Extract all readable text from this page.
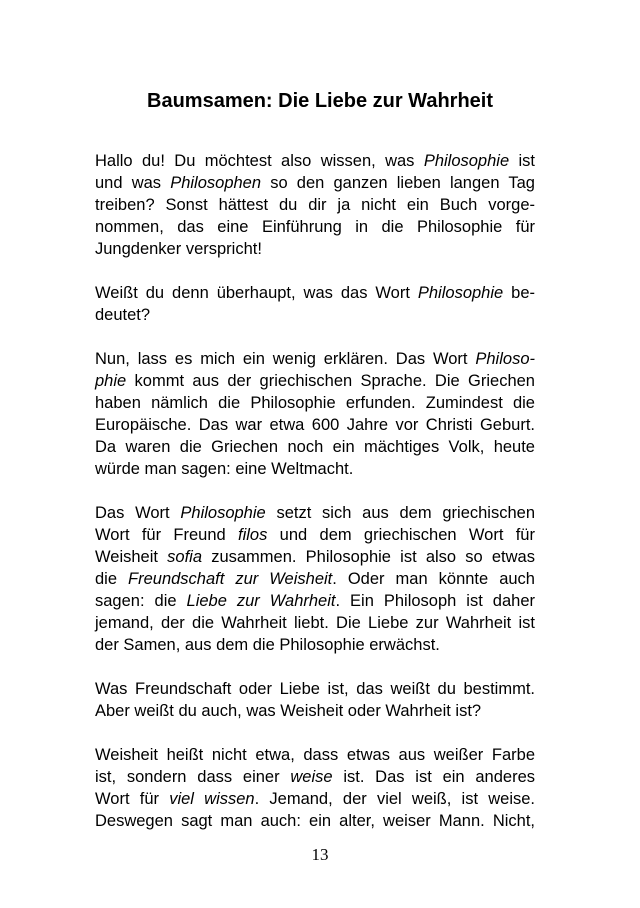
Baumsamen: Die Liebe zur Wahrheit

Hallo du! Du möchtest also wissen, was Philosophie ist
und was Philosophen so den ganzen lieben langen Tag
treiben? Sonst hättest du dir ja nicht ein Buch vorge-
nommen, das eine Einführung in die Philosophie für
Jungdenker verspricht!

Weißt du denn überhaupt, was das Wort Philosophie be-
deutet?

Nun, lass es mich ein wenig erklären. Das Wort Philoso-
phie kommt aus der griechischen Sprache. Die Griechen
haben nämlich die Philosophie erfunden. Zumindest die
Europäische. Das war etwa 600 Jahre vor Christi Geburt.
Da waren die Griechen noch ein mächtiges Volk, heute
würde man sagen: eine Weltmacht.

Das Wort Philosophie setzt sich aus dem griechischen
Wort für Freund filos und dem griechischen Wort für
Weisheit sofia zusammen. Philosophie ist also so etwas
die Freundschaft zur Weisheit. Oder man könnte auch
sagen: die Liebe zur Wahrheit. Ein Philosoph ist daher
jemand, der die Wahrheit liebt. Die Liebe zur Wahrheit ist
der Samen, aus dem die Philosophie erwächst.

Was Freundschaft oder Liebe ist, das weißt du bestimmt.
Aber weißt du auch, was Weisheit oder Wahrheit ist?

Weisheit heißt nicht etwa, dass etwas aus weißer Farbe
ist, sondern dass einer weise ist. Das ist ein anderes
Wort für viel wissen. Jemand, der viel weiß, ist weise.
Deswegen sagt man auch: ein alter, weiser Mann. Nicht,

13
